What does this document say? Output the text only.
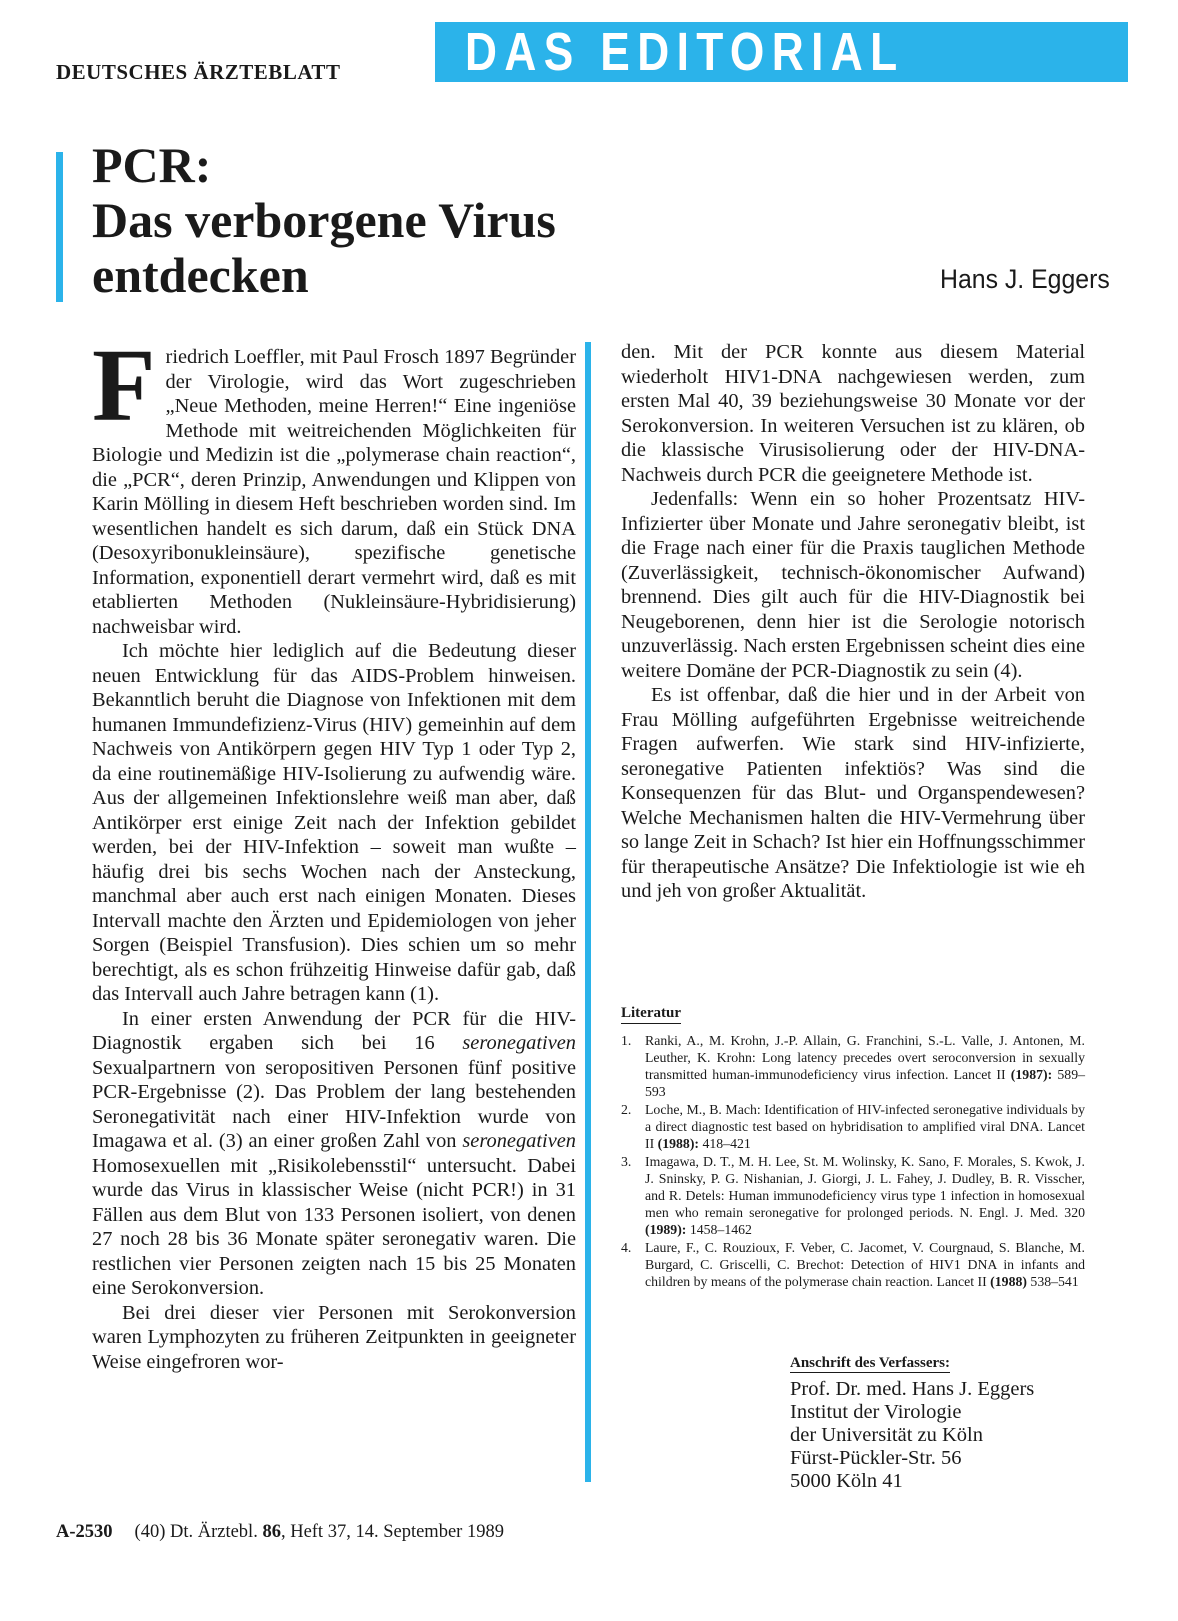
DEUTSCHES ÄRZTEBLATT DAS EDITORIAL
PCR:
Das verborgene Virus
entdecken	Hans J. Eggers

Friedrich Loeffler, mit Paul Frosch 1897 Begründer der Virologie, wird das Wort zugeschrieben „Neue Methoden, meine Herren!“ Eine ingeniöse Methode mit weitreichenden Möglichkeiten für Biologie und Medizin ist die „polymerase chain reaction“, die „PCR“, deren Prinzip, Anwendungen und Klippen von Karin Mölling in diesem Heft beschrieben worden sind. Im wesentlichen handelt es sich darum, daß ein Stück DNA (Desoxyribonukleinsäure), spezifische genetische Information, exponentiell derart vermehrt wird, daß es mit etablierten Methoden (Nukleinsäure-Hybridisierung) nachweisbar wird.

Ich möchte hier lediglich auf die Bedeutung dieser neuen Entwicklung für das AIDS-Problem hinweisen. Bekanntlich beruht die Diagnose von Infektionen mit dem humanen Immundefizienz-Virus (HIV) gemeinhin auf dem Nachweis von Antikörpern gegen HIV Typ 1 oder Typ 2, da eine routinemäßige HIV-Isolierung zu aufwendig wäre. Aus der allgemeinen Infektionslehre weiß man aber, daß Antikörper erst einige Zeit nach der Infektion gebildet werden, bei der HIV-Infektion – soweit man wußte – häufig drei bis sechs Wochen nach der Ansteckung, manchmal aber auch erst nach einigen Monaten. Dieses Intervall machte den Ärzten und Epidemiologen von jeher Sorgen (Beispiel Transfusion). Dies schien um so mehr berechtigt, als es schon frühzeitig Hinweise dafür gab, daß das Intervall auch Jahre betragen kann (1).

In einer ersten Anwendung der PCR für die HIV-Diagnostik ergaben sich bei 16 seronegativen Sexualpartnern von seropositiven Personen fünf positive PCR-Ergebnisse (2). Das Problem der lang bestehenden Seronegativität nach einer HIV-Infektion wurde von Imagawa et al. (3) an einer großen Zahl von seronegativen Homosexuellen mit „Risikolebensstil“ untersucht. Dabei wurde das Virus in klassischer Weise (nicht PCR!) in 31 Fällen aus dem Blut von 133 Personen isoliert, von denen 27 noch 28 bis 36 Monate später seronegativ waren. Die restlichen vier Personen zeigten nach 15 bis 25 Monaten eine Serokonversion.

Bei drei dieser vier Personen mit Serokonversion waren Lymphozyten zu früheren Zeitpunkten in geeigneter Weise eingefroren wor-

den. Mit der PCR konnte aus diesem Material wiederholt HIV1-DNA nachgewiesen werden, zum ersten Mal 40, 39 beziehungsweise 30 Monate vor der Serokonversion. In weiteren Versuchen ist zu klären, ob die klassische Virusisolierung oder der HIV-DNA-Nachweis durch PCR die geeignetere Methode ist.

Jedenfalls: Wenn ein so hoher Prozentsatz HIV-Infizierter über Monate und Jahre seronegativ bleibt, ist die Frage nach einer für die Praxis tauglichen Methode (Zuverlässigkeit, technisch-ökonomischer Aufwand) brennend. Dies gilt auch für die HIV-Diagnostik bei Neugeborenen, denn hier ist die Serologie notorisch unzuverlässig. Nach ersten Ergebnissen scheint dies eine weitere Domäne der PCR-Diagnostik zu sein (4).

Es ist offenbar, daß die hier und in der Arbeit von Frau Mölling aufgeführten Ergebnisse weitreichende Fragen aufwerfen. Wie stark sind HIV-infizierte, seronegative Patienten infektiös? Was sind die Konsequenzen für das Blut- und Organspendewesen? Welche Mechanismen halten die HIV-Vermehrung über so lange Zeit in Schach? Ist hier ein Hoffnungsschimmer für therapeutische Ansätze? Die Infektiologie ist wie eh und jeh von großer Aktualität.

Literatur
1. Ranki, A., M. Krohn, J.-P. Allain, G. Franchini, S.-L. Valle, J. Antonen, M. Leuther, K. Krohn: Long latency precedes overt seroconversion in sexually transmitted human-immunodeficiency virus infection. Lancet II (1987): 589–593
2. Loche, M., B. Mach: Identification of HIV-infected seronegative individuals by a direct diagnostic test based on hybridisation to amplified viral DNA. Lancet II (1988): 418–421
3. Imagawa, D. T., M. H. Lee, St. M. Wolinsky, K. Sano, F. Morales, S. Kwok, J. J. Sninsky, P. G. Nishanian, J. Giorgi, J. L. Fahey, J. Dudley, B. R. Visscher, and R. Detels: Human immunodeficiency virus type 1 infection in homosexual men who remain seronegative for prolonged periods. N. Engl. J. Med. 320 (1989): 1458–1462
4. Laure, F., C. Rouzioux, F. Veber, C. Jacomet, V. Courgnaud, S. Blanche, M. Burgard, C. Griscelli, C. Brechot: Detection of HIV1 DNA in infants and children by means of the polymerase chain reaction. Lancet II (1988) 538–541
Anschrift des Verfassers:
Prof. Dr. med. Hans J. Eggers
Institut der Virologie
der Universität zu Köln
Fürst-Pückler-Str. 56
5000 Köln 41
A-2530 (40) Dt. Ärztebl. 86, Heft 37, 14. September 1989
